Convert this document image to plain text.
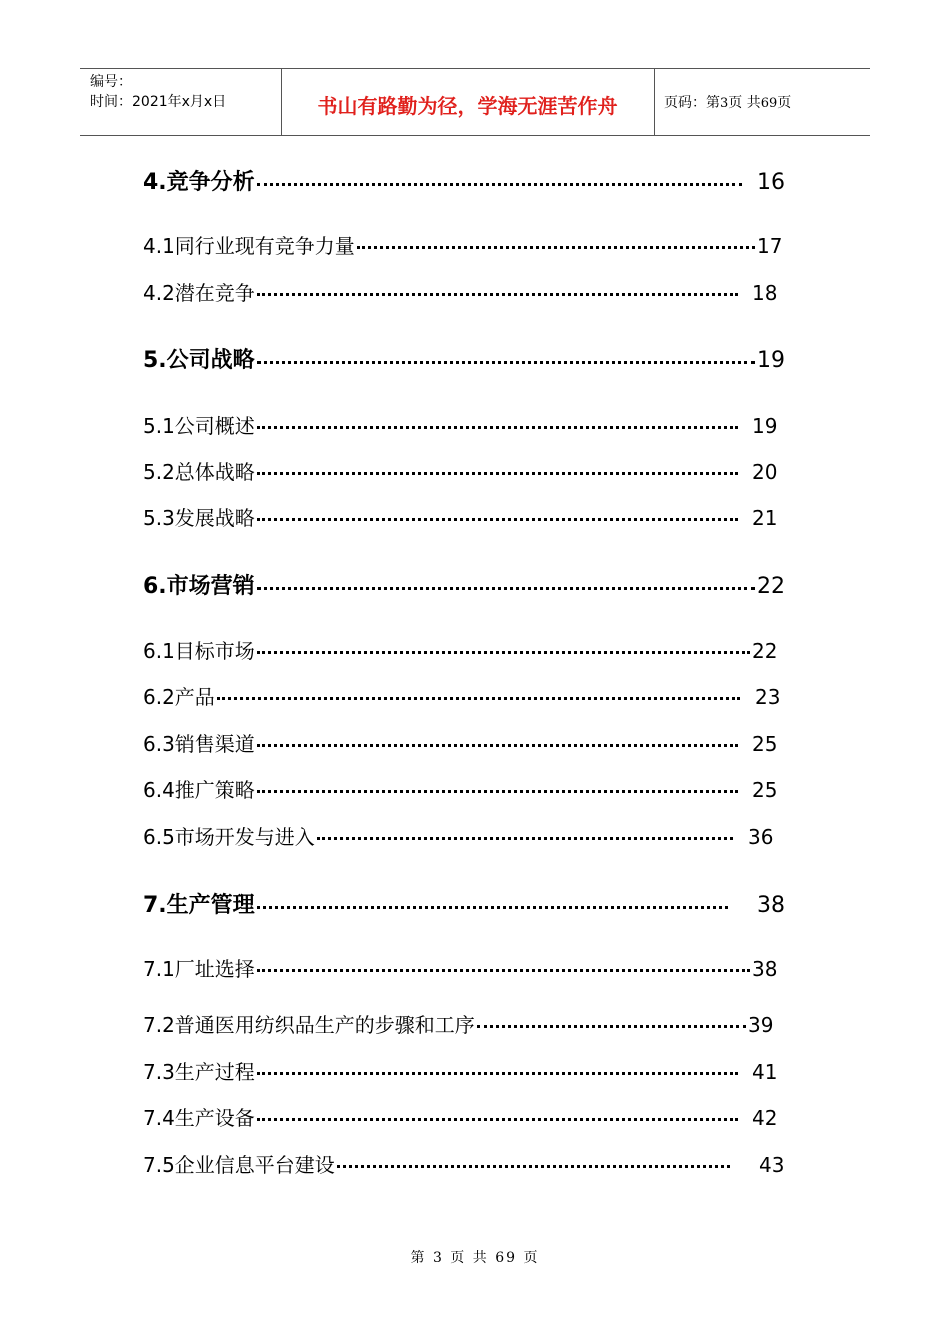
编号：
时间：2021年x月x日	书山有路勤为径，学海无涯苦作舟	页码：第3页 共69页
4.竞争分析	16
4.1同行业现有竞争力量	17
4.2潜在竞争	18
5.公司战略	19
5.1公司概述	19
5.2总体战略	20
5.3发展战略	21
6.市场营销	22
6.1目标市场	22
6.2产品	23
6.3销售渠道	25
6.4推广策略	25
6.5市场开发与进入	36
7.生产管理	38
7.1厂址选择	38
7.2普通医用纺织品生产的步骤和工序	39
7.3生产过程	41
7.4生产设备	42
7.5企业信息平台建设	43
第 3 页 共 69 页
